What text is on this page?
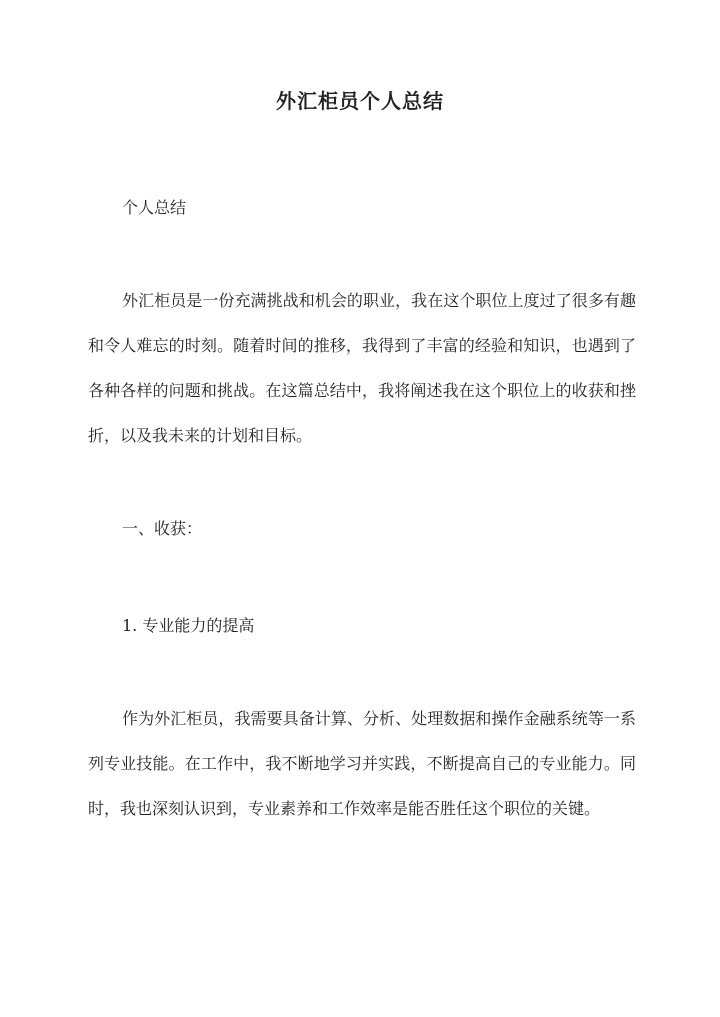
外汇柜员个人总结

个人总结

外汇柜员是一份充满挑战和机会的职业，我在这个职位上度过了很多有趣和令人难忘的时刻。随着时间的推移，我得到了丰富的经验和知识，也遇到了各种各样的问题和挑战。在这篇总结中，我将阐述我在这个职位上的收获和挫折，以及我未来的计划和目标。

一、收获：

1. 专业能力的提高

作为外汇柜员，我需要具备计算、分析、处理数据和操作金融系统等一系列专业技能。在工作中，我不断地学习并实践，不断提高自己的专业能力。同时，我也深刻认识到，专业素养和工作效率是能否胜任这个职位的关键。
